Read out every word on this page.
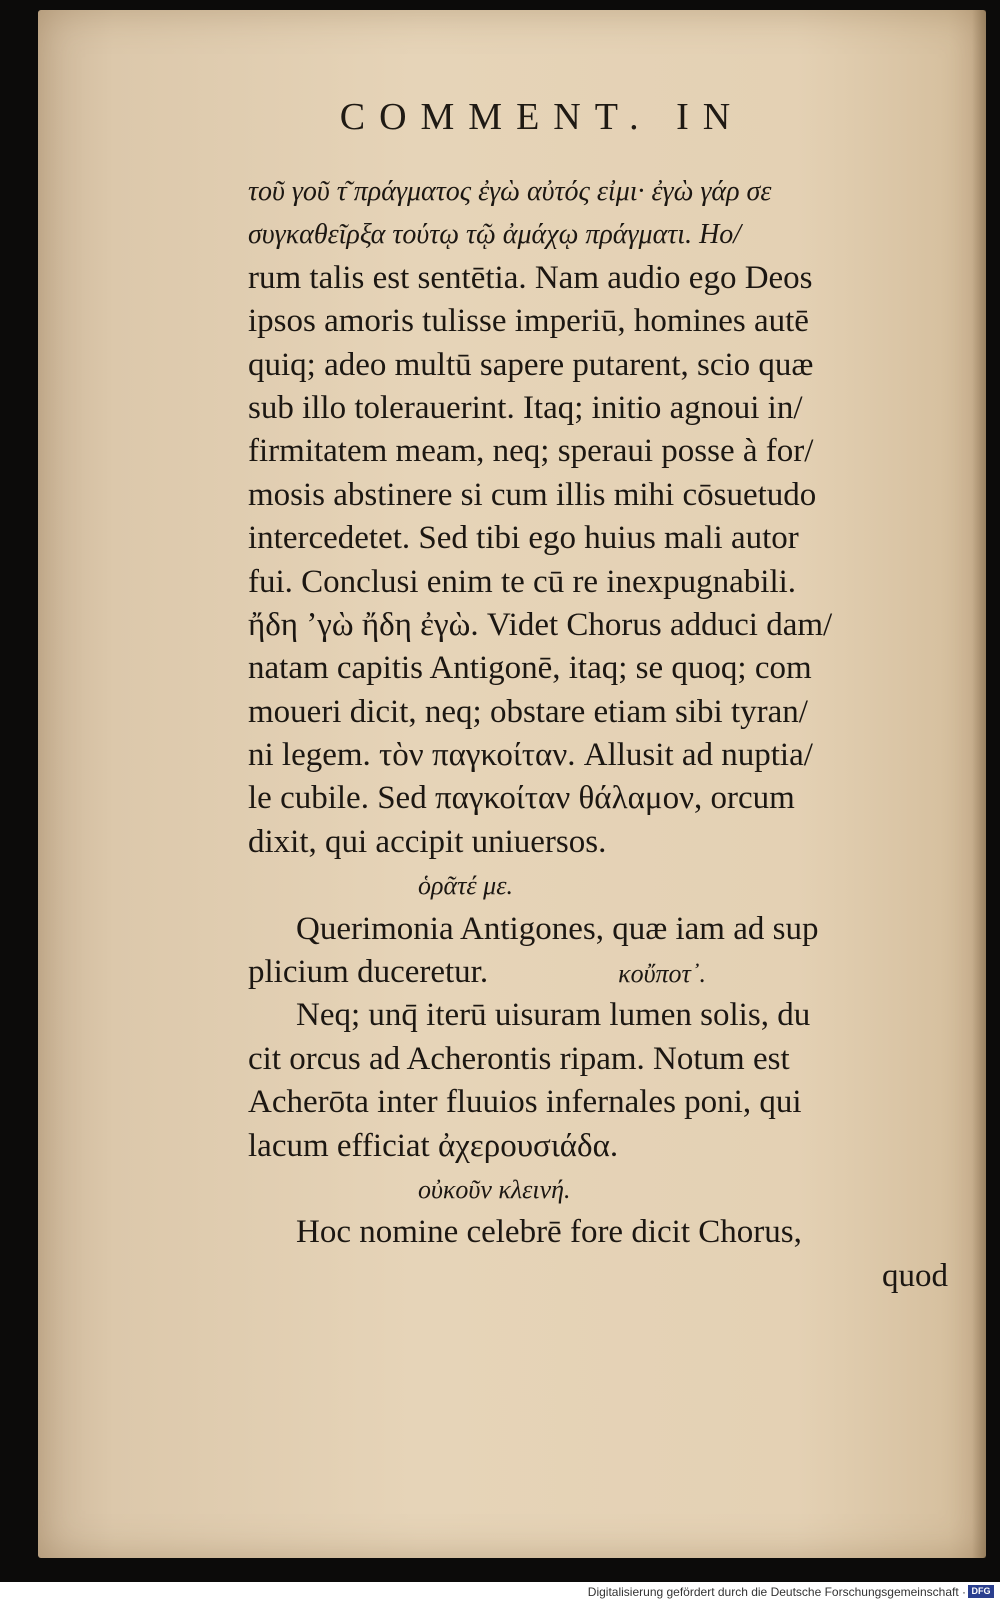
COMMENT. IN
τοῦ γοῦ τ͂ πράγματος ἐγὼ αὐτός εἰμι· ἐγὼ γάρ σε
συγκαθεῖρξα τούτῳ τῷ ἀμάχῳ πράγματι. Ho/
rum talis est sentētia. Nam audio ego Deos
ipsos amoris tulisse imperiū, homines autē
quiq; adeo multū sapere putarent, scio quæ
sub illo tolerauerint. Itaq; initio agnoui in/
firmitatem meam, neq; speraui posse à for/
mosis abstinere si cum illis mihi cōsuetudo
intercedetet. Sed tibi ego huius mali autor
fui. Conclusi enim te cū re inexpugnabili.
ἤδη ʼγὼ ἤδη ἐγὼ. Videt Chorus adduci dam/
natam capitis Antigonē, itaq; se quoq; com
moueri dicit, neq; obstare etiam sibi tyran/
ni legem. τὸν παγκοίταν. Allusit ad nuptia/
le cubile. Sed παγκοίταν θάλαμον, orcum
dixit, qui accipit uniuersos.
ὁρᾶτέ με.
Querimonia Antigones, quæ iam ad sup
plicium duceretur.	κοὔποτ᾽.
Neq; unq̄ iterū uisuram lumen solis, du
cit orcus ad Acherontis ripam. Notum est
Acherōta inter fluuios infernales poni, qui
lacum efficiat ἀχερουσιάδα.
οὐκοῦν κλεινή.
Hoc nomine celebrē fore dicit Chorus,
quod
Digitalisierung gefördert durch die Deutsche Forschungsgemeinschaft · DFG
